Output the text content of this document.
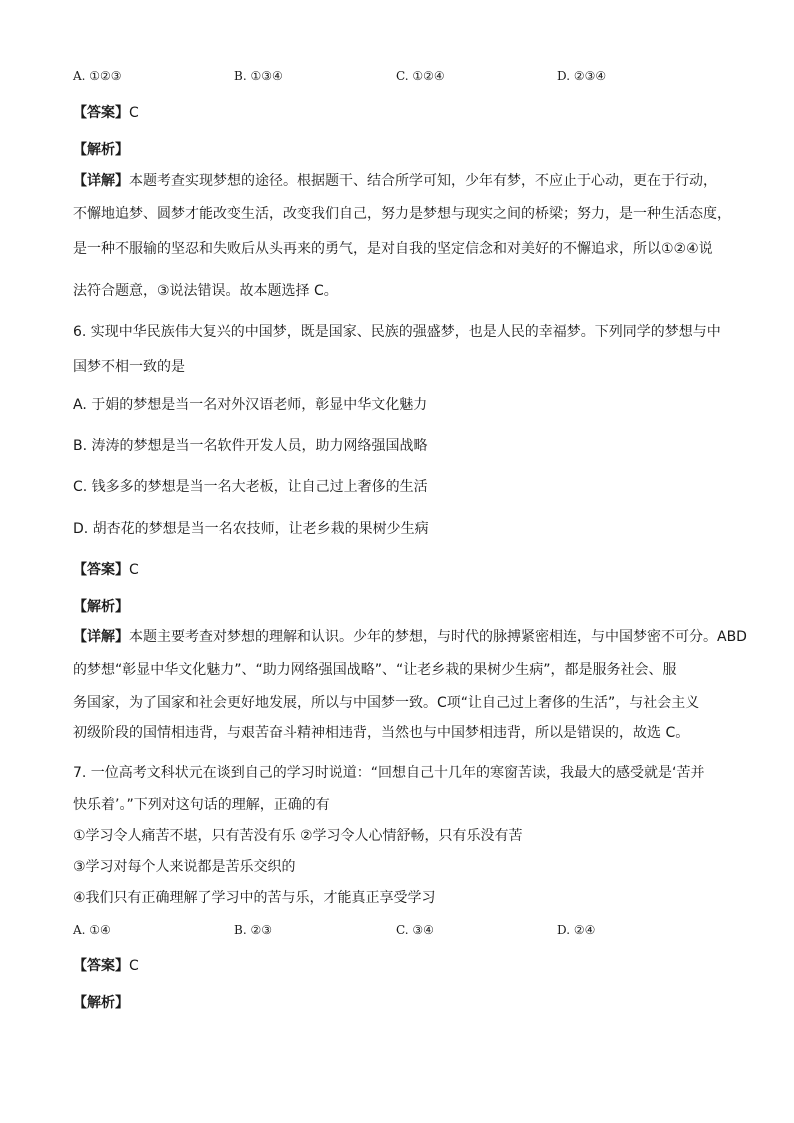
A. ①②③	B. ①③④	C. ①②④	D. ②③④
【答案】C
【解析】
【详解】本题考查实现梦想的途径。根据题干、结合所学可知，少年有梦，不应止于心动，更在于行动，
不懈地追梦、圆梦才能改变生活，改变我们自己，努力是梦想与现实之间的桥梁；努力，是一种生活态度，
是一种不服输的坚忍和失败后从头再来的勇气，是对自我的坚定信念和对美好的不懈追求，所以①②④说
法符合题意，③说法错误。故本题选择 C。
6. 实现中华民族伟大复兴的中国梦，既是国家、民族的强盛梦，也是人民的幸福梦。下列同学的梦想与中
国梦不相一致的是
A. 于娟的梦想是当一名对外汉语老师，彰显中华文化魅力
B. 涛涛的梦想是当一名软件开发人员，助力网络强国战略
C. 钱多多的梦想是当一名大老板，让自己过上奢侈的生活
D. 胡杏花的梦想是当一名农技师，让老乡栽的果树少生病
【答案】C
【解析】
【详解】本题主要考查对梦想的理解和认识。少年的梦想，与时代的脉搏紧密相连，与中国梦密不可分。ABD
的梦想“彰显中华文化魅力”、“助力网络强国战略”、“让老乡栽的果树少生病”，都是服务社会、服
务国家，为了国家和社会更好地发展，所以与中国梦一致。C项“让自己过上奢侈的生活”，与社会主义
初级阶段的国情相违背，与艰苦奋斗精神相违背，当然也与中国梦相违背，所以是错误的，故选 C。
7. 一位高考文科状元在谈到自己的学习时说道：“回想自己十几年的寒窗苦读，我最大的感受就是‘苦并
快乐着’。”下列对这句话的理解，正确的有
①学习令人痛苦不堪，只有苦没有乐 ②学习令人心情舒畅，只有乐没有苦
③学习对每个人来说都是苦乐交织的
④我们只有正确理解了学习中的苦与乐，才能真正享受学习
A. ①④	B. ②③	C. ③④	D. ②④
【答案】C
【解析】
